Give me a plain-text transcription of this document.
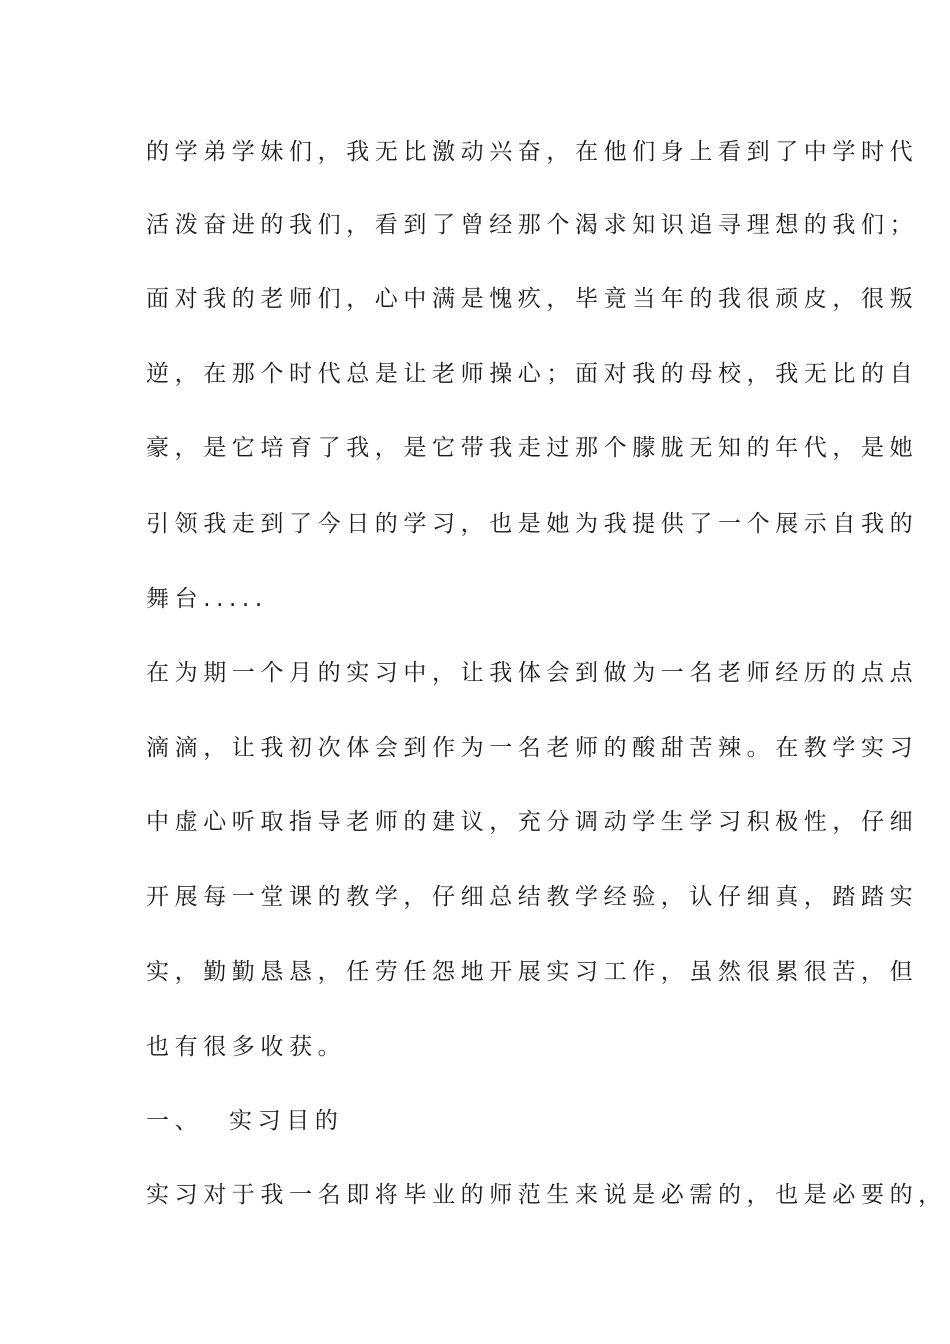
的学弟学妹们，我无比激动兴奋，在他们身上看到了中学时代
活泼奋进的我们，看到了曾经那个渴求知识追寻理想的我们；
面对我的老师们，心中满是愧疚，毕竟当年的我很顽皮，很叛
逆，在那个时代总是让老师操心；面对我的母校，我无比的自
豪，是它培育了我，是它带我走过那个朦胧无知的年代，是她
引领我走到了今日的学习，也是她为我提供了一个展示自我的
舞台.....
在为期一个月的实习中，让我体会到做为一名老师经历的点点
滴滴，让我初次体会到作为一名老师的酸甜苦辣。在教学实习
中虚心听取指导老师的建议，充分调动学生学习积极性，仔细
开展每一堂课的教学，仔细总结教学经验，认仔细真，踏踏实
实，勤勤恳恳，任劳任怨地开展实习工作，虽然很累很苦，但
也有很多收获。
一、  实习目的
实习对于我一名即将毕业的师范生来说是必需的，也是必要的，
